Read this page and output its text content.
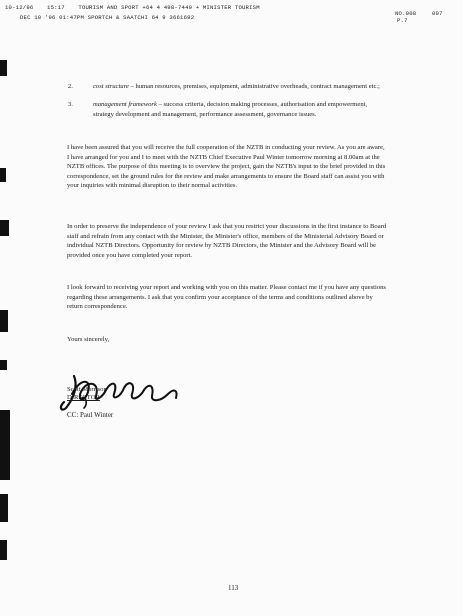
10-12/96 15:17 TOURISM AND SPORT +64 4 498-7449 + MINISTER TOURISM
NO.008	007
DEC 10 '96 01:47PM SPORTCH & SAATCHI 64 9 3661692	P.7
2.	cost structure – human resources, premises, equipment, administrative overheads, contract management etc.;
3.	management framework – success criteria, decision making processes, authorisation and empowerment, strategy development and management, performance assessment, governance issues.
I have been assured that you will receive the full cooperation of the NZTB in conducting your review. As you are aware, I have arranged for you and I to meet with the NZTB Chief Executive Paul Winter tomorrow morning at 8.00am at the NZTB offices. The purpose of this meeting is to overview the project, gain the NZTB's input to the brief provided in this correspondence, set the ground rules for the review and make arrangements to ensure the Board staff can assist you with your inquiries with minimal disruption to their normal activities.
In order to preserve the independence of your review I ask that you restrict your discussions in the first instance to Board staff and refrain from any contact with the Minister, the Minister's office, members of the Ministerial Advisory Board or individual NZTB Directors. Opportunity for review by NZTB Directors, the Minister and the Advisory Board will be provided once you have completed your report.
I look forward to receiving your report and working with you on this matter. Please contact me if you have any questions regarding these arrangements. I ask that you confirm your acceptance of the terms and conditions outlined above by return correspondence.
Yours sincerely,
Scott Morrison
DIRECTOR
CC: Paul Winter
113
